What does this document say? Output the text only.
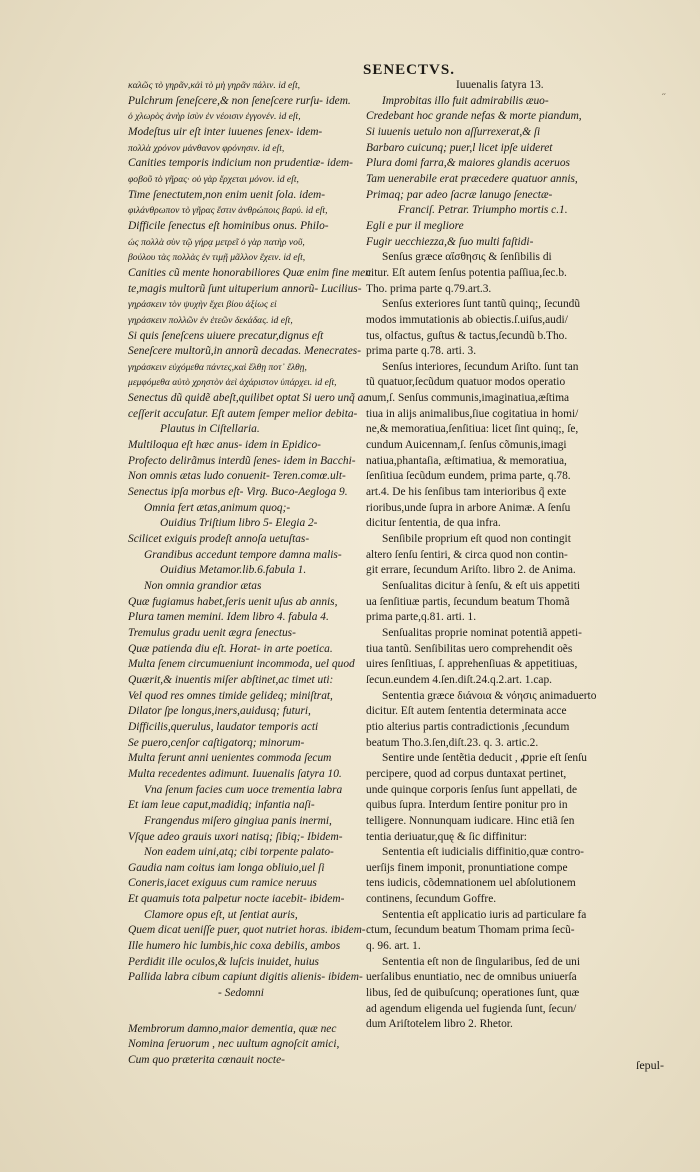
SENECTVS.
˝
καλῶς τὸ γηρᾶν,κἀὶ τὸ μὴ γηρᾶν πάλιν. id eſt,
Pulchrum ſeneſcere,& non ſeneſcere rurſu- idem.
ὁ χλωρὸς ἀνὴρ ἰσὺν ἐν νέοισιν ἐγγονέν. id eſt,
Modeſtus uir eſt inter iuuenes ſenex- idem-
πολλὰ χρόνον μάνθανον φρόνησιν. id eſt,
Canities temporis indicium non prudentiæ- idem-
φοβοῦ τὸ γῆρας· οὐ γὰρ ἔρχεται μόνον. id eſt,
Time ſenectutem,non enim uenit ſola. idem-
φιλάνθρωπον τὸ γῆρας ἔστιν ἀνθρώποις βαρύ. id eſt,
Difficile ſenectus eſt hominibus onus. Philo-
ὡς πολλὰ σὺν τῷ γήρᾳ μετρεῖ ὁ γὰρ πατὴρ νοῦ,
βούλου τὰς πολλὰς ἐν τιμῇ μᾶλλον ἔχειν. id eſt,
Canities cũ mente honorabiliores Quæ enim fine men
te,magis multorũ ſunt uituperium annorũ- Lucilius-
γηράσκειν τὸν ψυχὴν ἔχει βίου ἀξίως εἰ
γηράσκειν πολλῶν ἐν ἐτεῶν δεκάδας. id eſt,
Si quis ſeneſcens uiuere precatur,dignus eſt
Seneſcere multorũ,in annorũ decadas. Menecrates-
γηράσκειν εὐχόμεθα πάντες,καὶ ἔλθῃ ποτ᾽ ἔλθῃ,
μεμφόμεθα αὐτὸ χρηστὸν ἀεὶ ἀχάριστον ὑπάρχει. id eſt,
Senectus dũ quidẽ abeſt,quilibet optat Si uero unq̃ ac
ceſſerit accuſatur. Eſt autem ſemper melior debita-
Plautus in Ciſtellaria.
Multiloqua eſt hæc anus- idem in Epidico-
Profecto delirãmus interdũ ſenes- idem in Bacchi-
Non omnis ætas ludo conuenit- Teren.comœ.ult-
Senectus ipſa morbus eſt- Virg. Buco-Aegloga 9.
Omnia fert ætas,animum quoq;-
Ouidius Triſtium libro 5- Elegia 2-
Scilicet exiguis prodeſt annoſa uetuſtas-
Grandibus accedunt tempore damna malis-
Ouidius Metamor.lib.6.fabula 1.
Non omnia grandior ætas
Quæ fugiamus habet,ſeris uenit uſus ab annis,
Plura tamen memini. Idem libro 4. fabula 4.
Tremulus gradu uenit ægra ſenectus-
Quæ patienda diu eſt. Horat- in arte poetica.
Multa ſenem circumueniunt incommoda, uel quod
Quærit,& inuentis miſer abſtinet,ac timet uti:
Vel quod res omnes timide gelideq; miniſtrat,
Dilator ſpe longus,iners,auidusq; futuri,
Difficilis,querulus, laudator temporis acti
Se puero,cenſor caſtigatorq; minorum-
Multa ferunt anni uenientes commoda ſecum
Multa recedentes adimunt. Iuuenalis ſatyra 10.
Vna ſenum facies cum uoce trementia labra
Et iam leue caput,madidiq; infantia naſi-
Frangendus miſero gingiua panis inermi,
Vſque adeo grauis uxori natisq; ſibiq;- Ibidem-
Non eadem uini,atq; cibi torpente palato-
Gaudia nam coitus iam longa obliuio,uel ſi
Coneris,iacet exiguus cum ramice neruus
Et quamuis tota palpetur nocte iacebit- ibidem-
Clamore opus eſt, ut ſentiat auris,
Quem dicat ueniſſe puer, quot nutriet horas. ibidem-
Ille humero hic lumbis,hic coxa debilis, ambos
Perdidit ille oculos,& luſcis inuidet, huius
Pallida labra cibum capiunt digitis alienis- ibidem-
- Sedomni
Membrorum damno,maior dementia, quæ nec
Nomina ſeruorum , nec uultum agnoſcit amici,
Cum quo præterita cœnauit nocte-
Iuuenalis ſatyra 13.
Improbitas illo fuit admirabilis æuo-
Credebant hoc grande nefas & morte piandum,
Si iuuenis uetulo non aſſurrexerat,& ſi
Barbaro cuicunq; puer,l licet ipſe uideret
Plura domi farra,& maiores glandis aceruos
Tam uenerabile erat præcedere quatuor annis,
Primaq; par adeo ſacræ lanugo ſenectæ-
Franciſ. Petrar. Triumpho mortis c.1.
Egli e pur il megliore
Fugir uecchiezza,& ſuo multi faſtidi-
Senſus græce αἴσθησις & ſenſibilis di
citur. Eſt autem ſenſus potentia paſſiua,ſec.b.
Tho. prima parte q.79.art.3.
Senſus exteriores ſunt tantũ quinq;, ſecundũ
modos immutationis ab obiectis.ſ.uiſus,audi/
tus, olfactus, guſtus & tactus,ſecundũ b.Tho.
prima parte q.78. arti. 3.
Senſus interiores, ſecundum Ariſto. ſunt tan
tũ quatuor,ſecũdum quatuor modos operatio
num,ſ. Senſus communis,imaginatiua,æſtima
tiua in alijs animalibus,ſiue cogitatiua in homi/
ne,& memoratiua,ſenſitiua: licet ſint quinq;, ſe,
cundum Auicennam,ſ. ſenſus cõmunis,imagi
natiua,phantaſia, æſtimatiua, & memoratiua,
ſenſitiua ſecũdum eundem, prima parte, q.78.
art.4. De his ſenſibus tam interioribus q̃ exte
rioribus,unde ſupra in arbore Animæ. A ſenſu
dicitur ſententia, de qua infra.
Senſibile proprium eſt quod non contingit
altero ſenſu ſentiri, & circa quod non contin-
git errare, ſecundum Ariſto. libro 2. de Anima.
Senſualitas dicitur à ſenſu, & eſt uis appetiti
ua ſenſitiuæ partis, ſecundum beatum Thomã
prima parte,q.81. arti. 1.
Senſualitas proprie nominat potentiã appeti-
tiua tantũ. Senſibilitas uero comprehendit oẽs
uires ſenſitiuas, ſ. apprehenſiuas & appetitiuas,
ſecun.eundem 4.ſen.diſt.24.q.2.art. 1.cap.
Sententia græce διάνοια & νόησις animaduerto
dicitur. Eſt autem ſententia determinata acce
ptio alterius partis contradictionis ,ſecundum
beatum Tho.3.ſen,diſt.23. q. 3. artic.2.
Sentire unde ſentẽtia deducit , ꝓprie eſt ſenſu
percipere, quod ad corpus duntaxat pertinet,
unde quinque corporis ſenſus ſunt appellati, de
quibus ſupra. Interdum ſentire ponitur pro in
telligere. Nonnunquam iudicare. Hinc etiã ſen
tentia deriuatur,quę & ſic diffinitur:
Sententia eſt iudicialis diffinitio,quæ contro-
uerſijs finem imponit, pronuntiatione compe
tens iudicis, cõdemnationem uel abſolutionem
continens, ſecundum Goffre.
Sententia eſt applicatio iuris ad particulare fa
ctum, ſecundum beatum Thomam prima ſecũ-
q. 96. art. 1.
Sententia eſt non de ſingularibus, ſed de uni
uerſalibus enuntiatio, nec de omnibus uniuerſa
libus, ſed de quibuſcunq; operationes ſunt, quæ
ad agendum eligenda uel fugienda ſunt, ſecun/
dum Ariſtotelem libro 2. Rhetor.
ſepul-
